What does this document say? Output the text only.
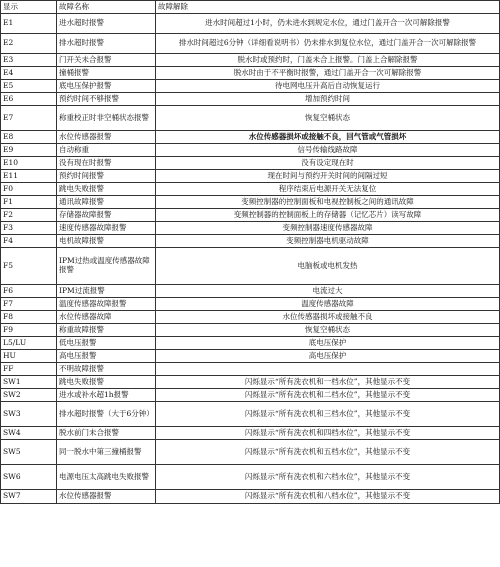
显示	故障名称	故障解除
E1	进水超时报警	进水时间超过1小时，仍未进水到规定水位，通过门盖开合一次可解除报警
E2	排水超时报警	排水时间超过6分钟（详细看说明书）仍未排水到复位水位，通过门盖开合一次可解除报警
E3	门开关未合报警	脱水时或预约时，门盖未合上报警。门盖上合解除报警
E4	撞桶报警	脱水时由于不平衡时报警，通过门盖开合一次可解除报警
E5	底电压保护报警	待电网电压升高后自动恢复运行
E6	预约时间不够报警	增加预约时间
E7	称重校正时非空桶状态报警	恢复空桶状态
E8	水位传感器报警	水位传感器损坏或接触不良，回气管或气管损坏
E9	自动称重	信号传输线路故障
E10	没有现在时报警	没有设定现在时
E11	预约时间报警	现在时间与预约开关时间的间隔过短
F0	跳电失败报警	程序结束后电源开关无法复位
F1	通讯故障报警	变频控制器的控制面板和电视控制板之间的通讯故障
F2	存储器故障报警	变频控制器的控制面板上的存储器（记忆芯片）读写故障
F3	速度传感器故障报警	变频控制器速度传感器故障
F4	电机故障报警	变频控制器电机驱动故障
F5	IPM过热或温度传感器故障报警	电脑板或电机发热
F6	IPM过流报警	电流过大
F7	温度传感器故障报警	温度传感器故障
F8	水位传感器故障	水位传感器损坏或接触不良
F9	称重故障报警	恢复空桶状态
L5/LU	低电压报警	底电压保护
HU	高电压报警	高电压保护
FF	不明故障报警	
SW1	跳电失败报警	闪烁显示“所有洗衣机和一档水位”，其他显示不变
SW2	进水或补水超1h报警	闪烁显示“所有洗衣机和二档水位”，其他显示不变
SW3	排水超时报警（大于6分钟）	闪烁显示“所有洗衣机和三档水位”，其他显示不变
SW4	脱水前门未合报警	闪烁显示“所有洗衣机和四档水位”，其他显示不变
SW5	同一脱水中第三撞桶报警	闪烁显示“所有洗衣机和五档水位”，其他显示不变
SW6	电源电压太高跳电失败报警	闪烁显示“所有洗衣机和六档水位”，其他显示不变
SW7	水位传感器报警	闪烁显示“所有洗衣机和八档水位”，其他显示不变
